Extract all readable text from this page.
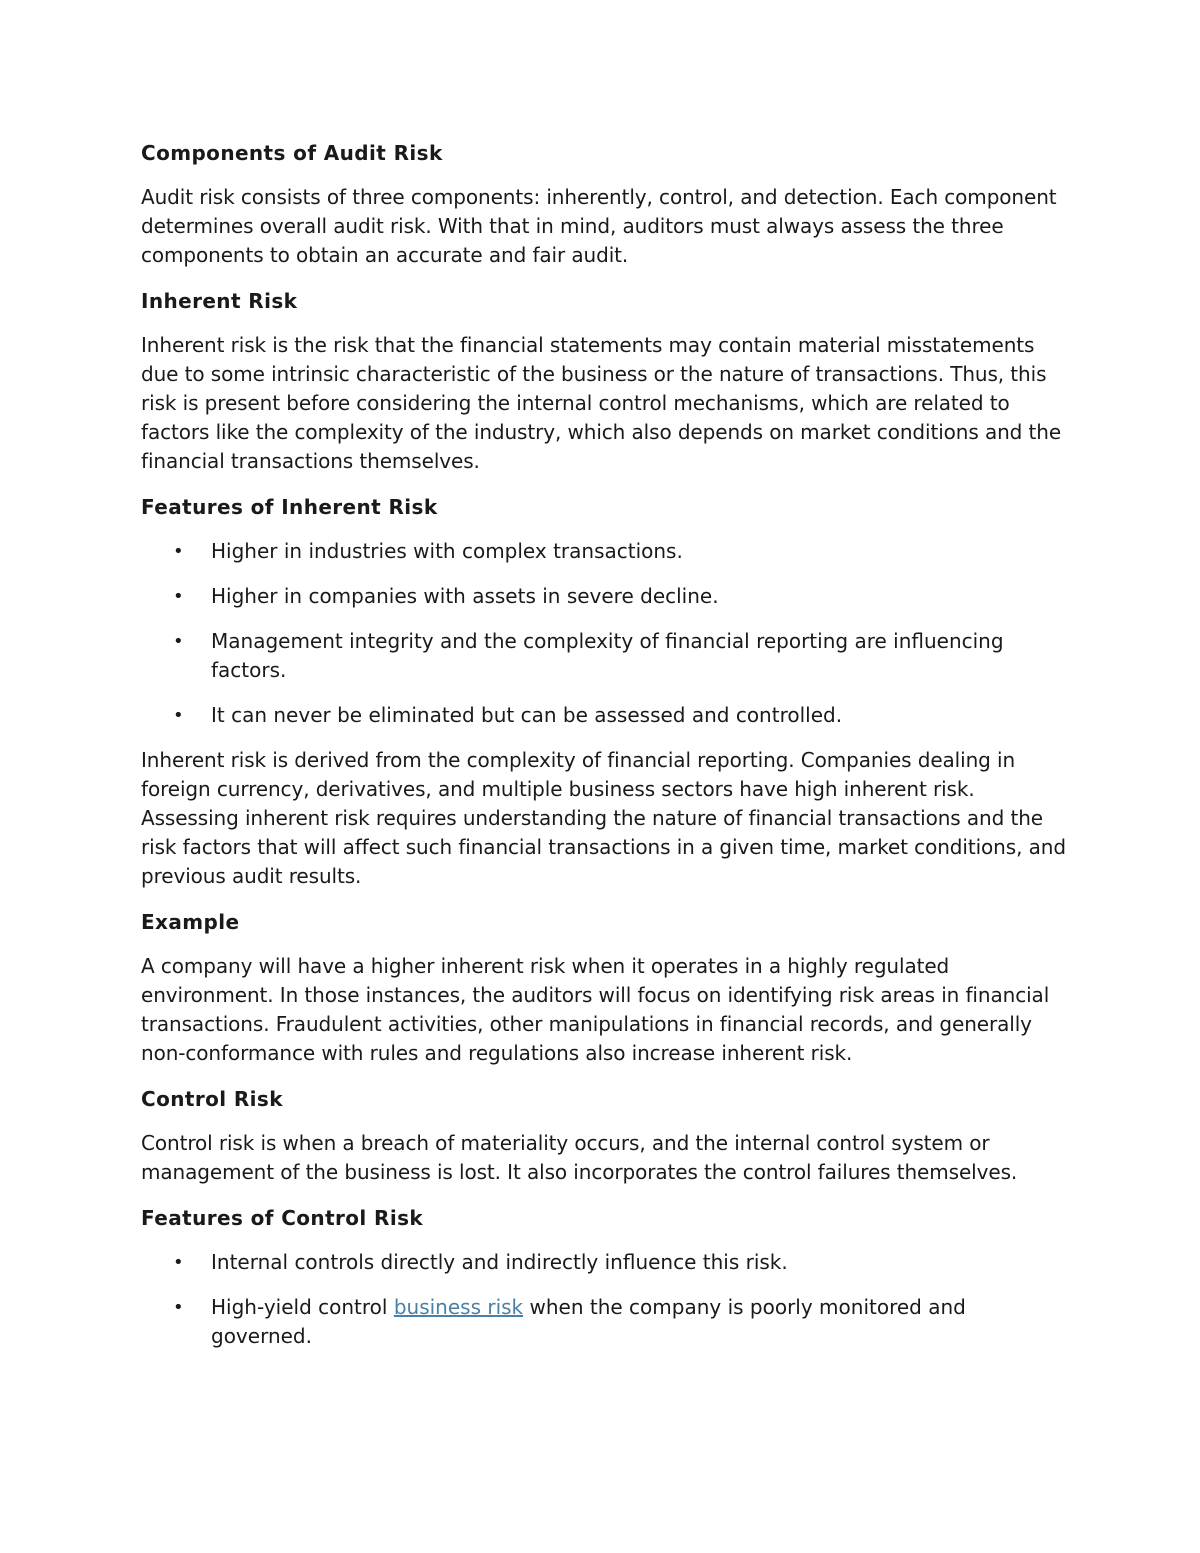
Components of Audit Risk

Audit risk consists of three components: inherently, control, and detection. Each component determines overall audit risk. With that in mind, auditors must always assess the three components to obtain an accurate and fair audit.

Inherent Risk

Inherent risk is the risk that the financial statements may contain material misstatements due to some intrinsic characteristic of the business or the nature of transactions. Thus, this risk is present before considering the internal control mechanisms, which are related to factors like the complexity of the industry, which also depends on market conditions and the financial transactions themselves.

Features of Inherent Risk
• Higher in industries with complex transactions.
• Higher in companies with assets in severe decline.
• Management integrity and the complexity of financial reporting are influencing factors.
• It can never be eliminated but can be assessed and controlled.

Inherent risk is derived from the complexity of financial reporting. Companies dealing in foreign currency, derivatives, and multiple business sectors have high inherent risk. Assessing inherent risk requires understanding the nature of financial transactions and the risk factors that will affect such financial transactions in a given time, market conditions, and previous audit results.

Example

A company will have a higher inherent risk when it operates in a highly regulated environment. In those instances, the auditors will focus on identifying risk areas in financial transactions. Fraudulent activities, other manipulations in financial records, and generally non-conformance with rules and regulations also increase inherent risk.

Control Risk

Control risk is when a breach of materiality occurs, and the internal control system or management of the business is lost. It also incorporates the control failures themselves.

Features of Control Risk
• Internal controls directly and indirectly influence this risk.
• High-yield control business risk when the company is poorly monitored and governed.
